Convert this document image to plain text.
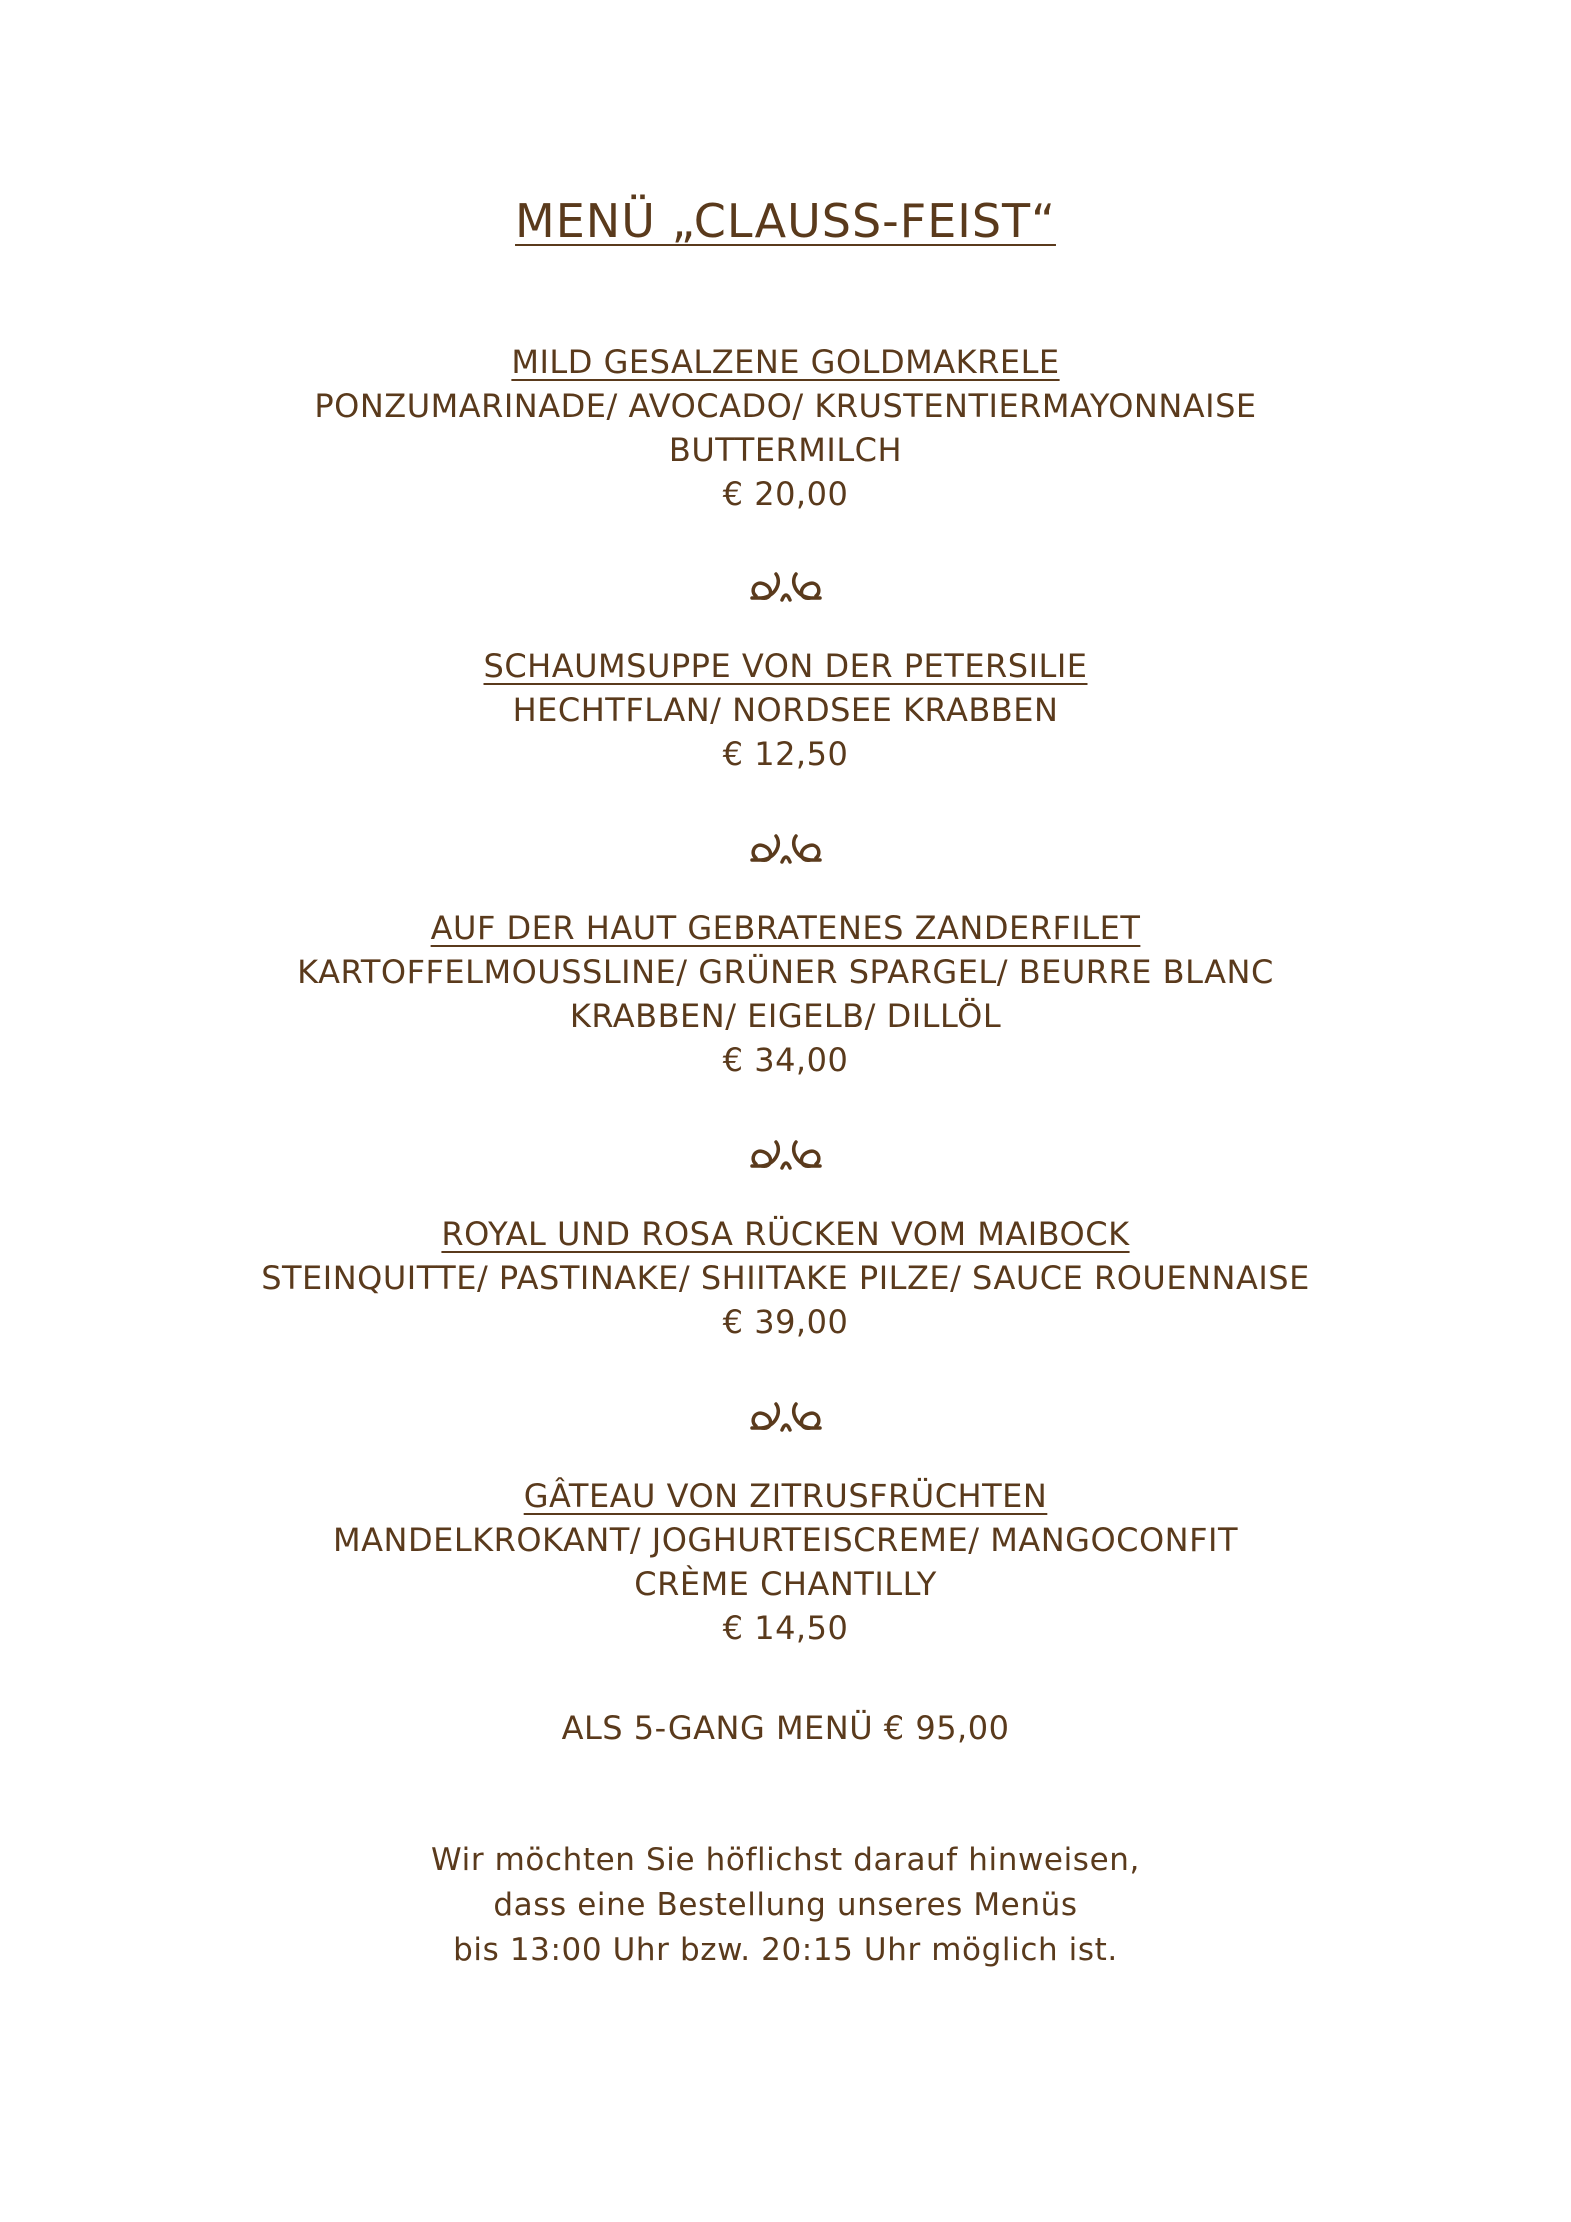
MENÜ „CLAUSS-FEIST“
MILD GESALZENE GOLDMAKRELE
PONZUMARINADE/ AVOCADO/ KRUSTENTIERMAYONNAISE
BUTTERMILCH
€ 20,00
SCHAUMSUPPE VON DER PETERSILIE
HECHTFLAN/ NORDSEE KRABBEN
€ 12,50
AUF DER HAUT GEBRATENES ZANDERFILET
KARTOFFELMOUSSLINE/ GRÜNER SPARGEL/ BEURRE BLANC
KRABBEN/ EIGELB/ DILLÖL
€ 34,00
ROYAL UND ROSA RÜCKEN VOM MAIBOCK
STEINQUITTE/ PASTINAKE/ SHIITAKE PILZE/ SAUCE ROUENNAISE
€ 39,00
GÂTEAU VON ZITRUSFRÜCHTEN
MANDELKROKANT/ JOGHURTEISCREME/ MANGOCONFIT
CRÈME CHANTILLY
€ 14,50
ALS 5-GANG MENÜ € 95,00
Wir möchten Sie höflichst darauf hinweisen,
dass eine Bestellung unseres Menüs
bis 13:00 Uhr bzw. 20:15 Uhr möglich ist.
